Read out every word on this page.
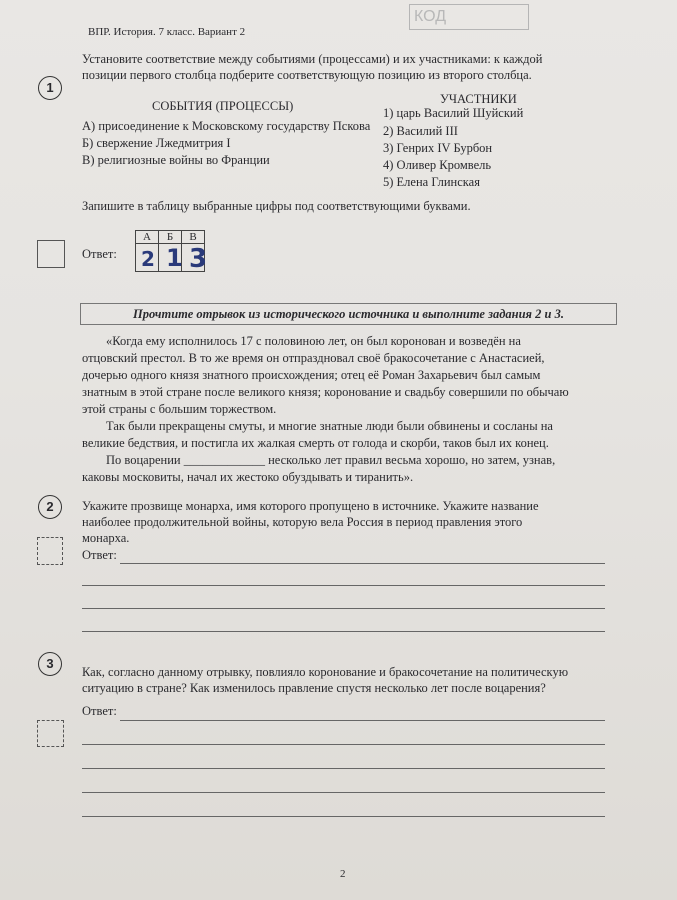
ВПР. История. 7 класс. Вариант 2
КОД
1
Установите соответствие между событиями (процессами) и их участниками: к каждой
позиции первого столбца подберите соответствующую позицию из второго столбца.
СОБЫТИЯ (ПРОЦЕССЫ)	УЧАСТНИКИ
А) присоединение к Московскому государству Пскова
Б) свержение Лжедмитрия I
В) религиозные войны во Франции
1) царь Василий Шуйский
2) Василий III
3) Генрих IV Бурбон
4) Оливер Кромвель
5) Елена Глинская
Запишите в таблицу выбранные цифры под соответствующими буквами.
Ответ:
А	Б	В

2 1 3
Прочтите отрывок из исторического источника и выполните задания 2 и 3.
«Когда ему исполнилось 17 с половиною лет, он был коронован и возведён на
отцовский престол. В то же время он отпраздновал своё бракосочетание с Анастасией,
дочерью одного князя знатного происхождения; отец её Роман Захарьевич был самым
знатным в этой стране после великого князя; коронование и свадьбу совершили по обычаю
этой страны с большим торжеством.
Так были прекращены смуты, и многие знатные люди были обвинены и сосланы на
великие бедствия, и постигла их жалкая смерть от голода и скорби, таков был их конец.
По воцарении _____________ несколько лет правил весьма хорошо, но затем, узнав,
каковы московиты, начал их жестоко обуздывать и тиранить».
2	Укажите прозвище монарха, имя которого пропущено в источнике. Укажите название
наиболее продолжительной войны, которую вела Россия в период правления этого
монарха.
Ответ:
3
Как, согласно данному отрывку, повлияло коронование и бракосочетание на политическую
ситуацию в стране? Как изменилось правление спустя несколько лет после воцарения?
Ответ:
2
